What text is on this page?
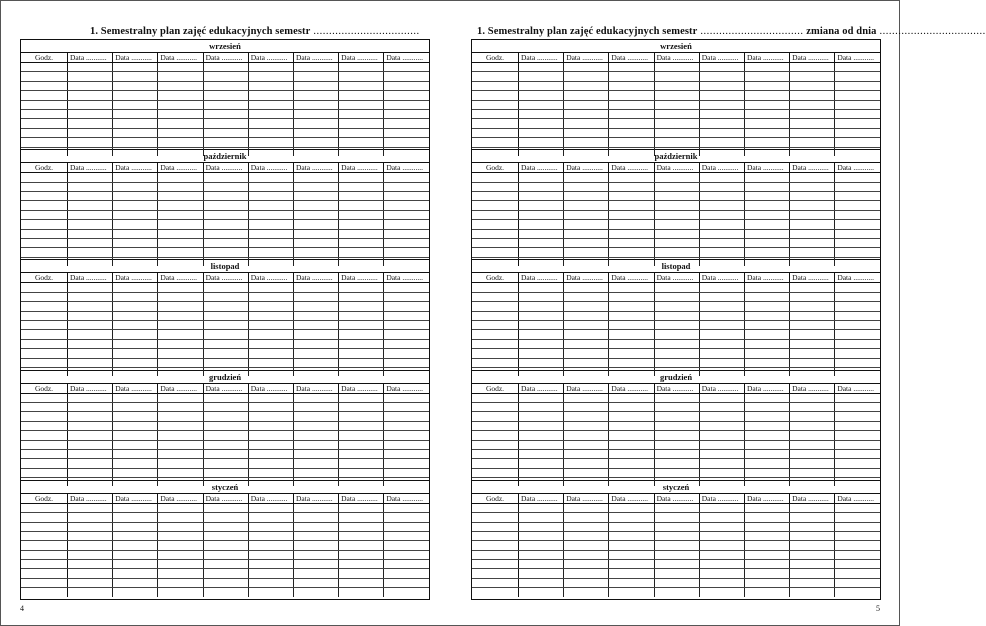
1. Semestralny plan zajęć edukacyjnych semestr ..................................
wrzesień
Godz.	Data ...........	Data ...........	Data ...........	Data ...........	Data ...........	Data ...........	Data ...........	Data ...........

październik
Godz.	Data ...........	Data ...........	Data ...........	Data ...........	Data ...........	Data ...........	Data ...........	Data ...........

listopad
Godz.	Data ...........	Data ...........	Data ...........	Data ...........	Data ...........	Data ...........	Data ...........	Data ...........

grudzień
Godz.	Data ...........	Data ...........	Data ...........	Data ...........	Data ...........	Data ...........	Data ...........	Data ...........

styczeń
Godz.	Data ...........	Data ...........	Data ...........	Data ...........	Data ...........	Data ...........	Data ...........	Data ...........

4
1. Semestralny plan zajęć edukacyjnych semestr ................................. zmiana od dnia ..................................
wrzesień
Godz.	Data ...........	Data ...........	Data ...........	Data ...........	Data ...........	Data ...........	Data ...........	Data ...........

październik
Godz.	Data ...........	Data ...........	Data ...........	Data ...........	Data ...........	Data ...........	Data ...........	Data ...........

listopad
Godz.	Data ...........	Data ...........	Data ...........	Data ...........	Data ...........	Data ...........	Data ...........	Data ...........

grudzień
Godz.	Data ...........	Data ...........	Data ...........	Data ...........	Data ...........	Data ...........	Data ...........	Data ...........

styczeń
Godz.	Data ...........	Data ...........	Data ...........	Data ...........	Data ...........	Data ...........	Data ...........	Data ...........

5
